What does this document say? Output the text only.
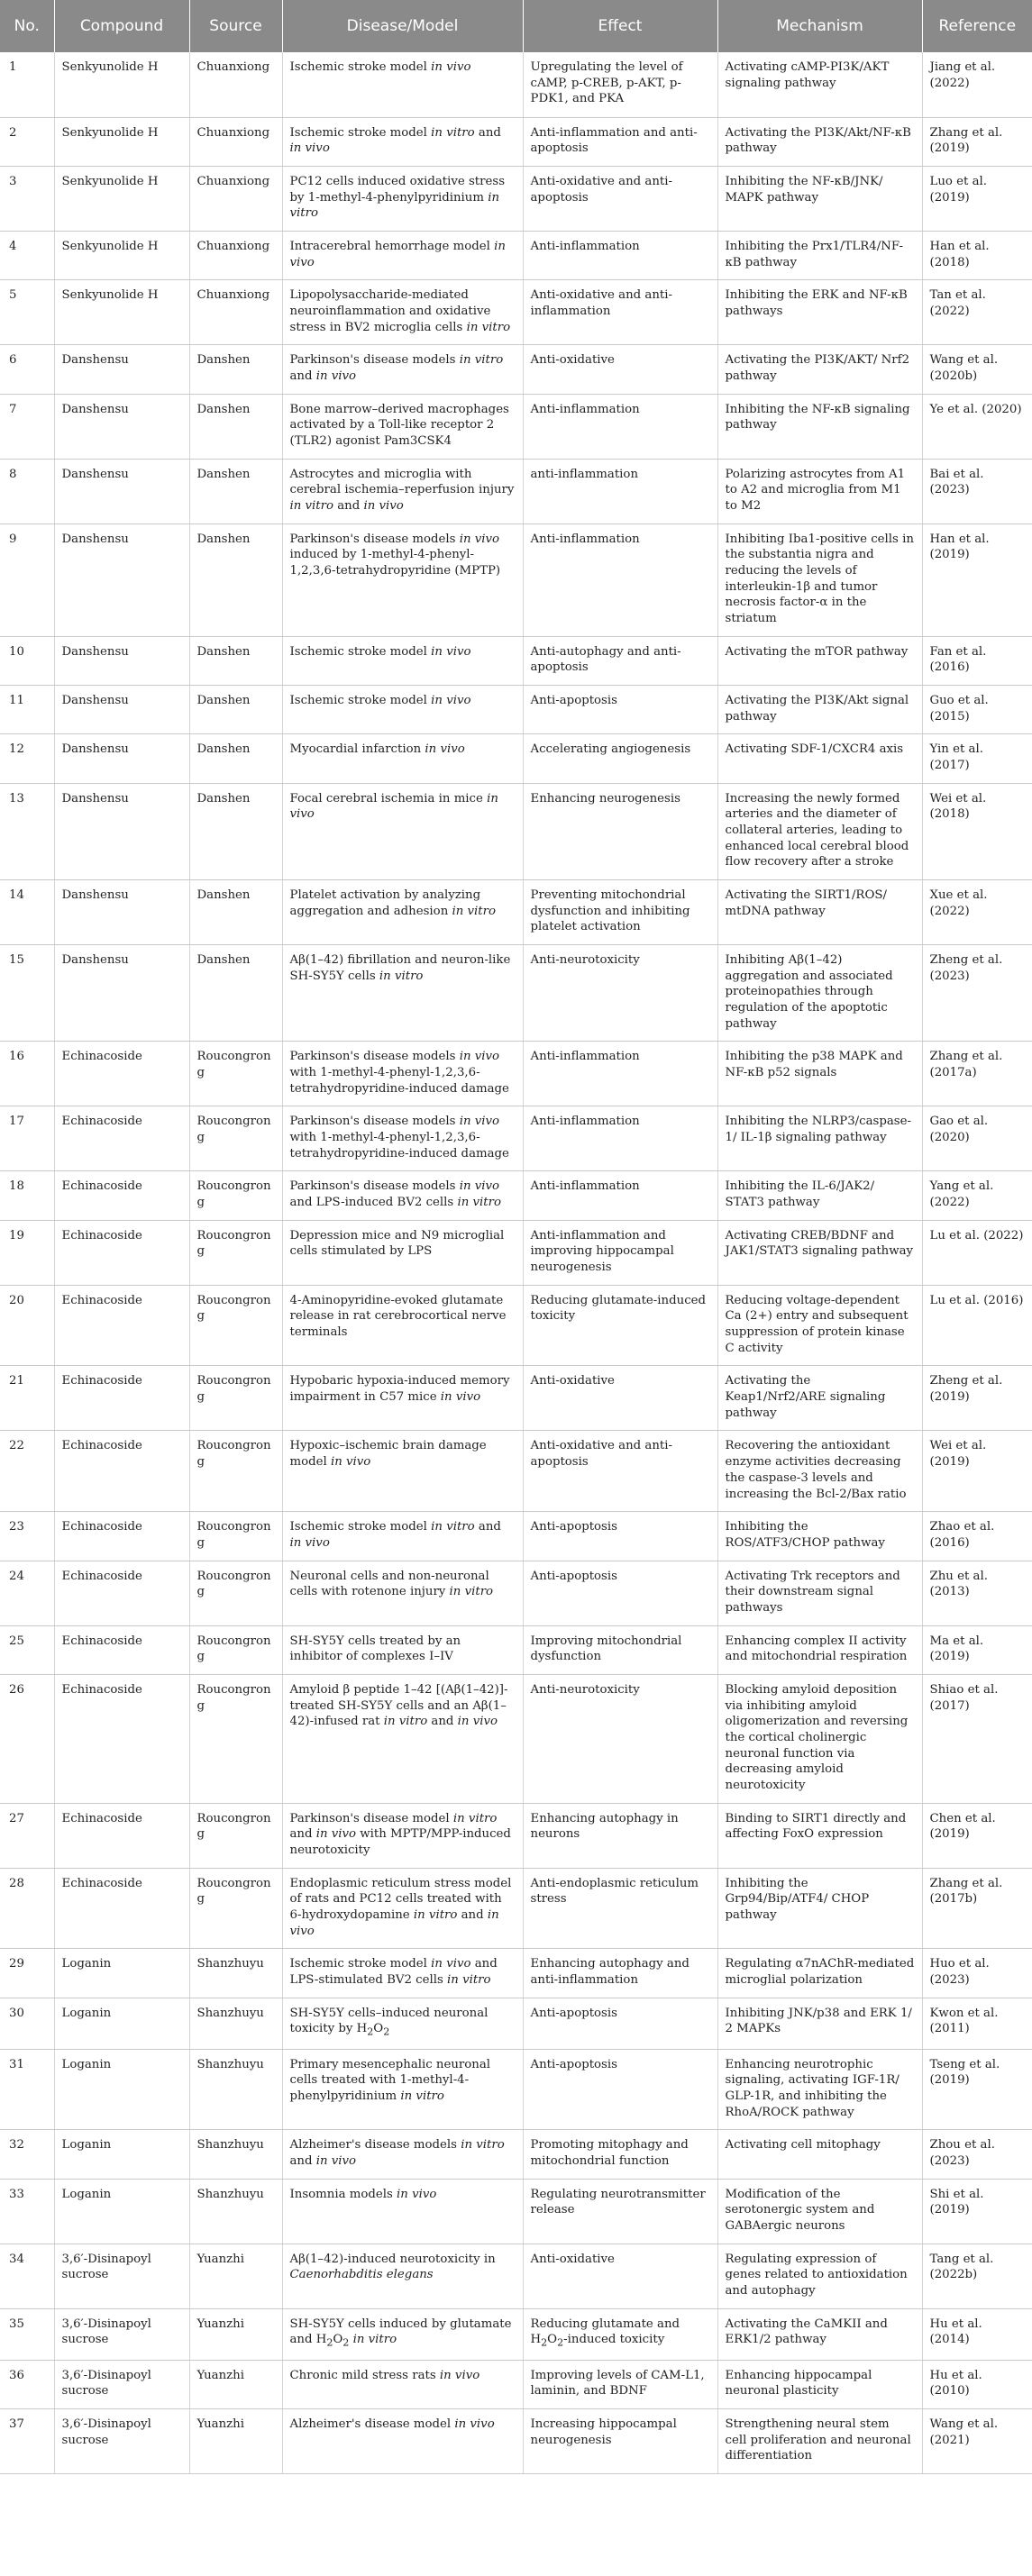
No.	Compound	Source	Disease/Model	Effect	Mechanism	Reference
1	Senkyunolide H	Chuanxiong	Ischemic stroke model in vivo	Upregulating the level of cAMP, p-CREB, p-AKT, p-PDK1, and PKA	Activating cAMP-PI3K/AKT signaling pathway	Jiang et al. (2022)
2	Senkyunolide H	Chuanxiong	Ischemic stroke model in vitro and in vivo	Anti-inflammation and anti-apoptosis	Activating the PI3K/Akt/NF-κB pathway	Zhang et al. (2019)
3	Senkyunolide H	Chuanxiong	PC12 cells induced oxidative stress by 1-methyl-4-phenylpyridinium in vitro	Anti-oxidative and anti-apoptosis	Inhibiting the NF-κB/JNK/ MAPK pathway	Luo et al. (2019)
4	Senkyunolide H	Chuanxiong	Intracerebral hemorrhage model in vivo	Anti-inflammation	Inhibiting the Prx1/TLR4/NF-κB pathway	Han et al. (2018)
5	Senkyunolide H	Chuanxiong	Lipopolysaccharide-mediated neuroinflammation and oxidative stress in BV2 microglia cells in vitro	Anti-oxidative and anti-inflammation	Inhibiting the ERK and NF-κB pathways	Tan et al. (2022)
6	Danshensu	Danshen	Parkinson's disease models in vitro and in vivo	Anti-oxidative	Activating the PI3K/AKT/ Nrf2 pathway	Wang et al. (2020b)
7	Danshensu	Danshen	Bone marrow–derived macrophages activated by a Toll-like receptor 2 (TLR2) agonist Pam3CSK4	Anti-inflammation	Inhibiting the NF-κB signaling pathway	Ye et al. (2020)
8	Danshensu	Danshen	Astrocytes and microglia with cerebral ischemia–reperfusion injury in vitro and in vivo	anti-inflammation	Polarizing astrocytes from A1 to A2 and microglia from M1 to M2	Bai et al. (2023)
9	Danshensu	Danshen	Parkinson's disease models in vivo induced by 1-methyl-4-phenyl-1,2,3,6-tetrahydropyridine (MPTP)	Anti-inflammation	Inhibiting Iba1-positive cells in the substantia nigra and reducing the levels of interleukin-1β and tumor necrosis factor-α in the striatum	Han et al. (2019)
10	Danshensu	Danshen	Ischemic stroke model in vivo	Anti-autophagy and anti-apoptosis	Activating the mTOR pathway	Fan et al. (2016)
11	Danshensu	Danshen	Ischemic stroke model in vivo	Anti-apoptosis	Activating the PI3K/Akt signal pathway	Guo et al. (2015)
12	Danshensu	Danshen	Myocardial infarction in vivo	Accelerating angiogenesis	Activating SDF-1/CXCR4 axis	Yin et al. (2017)
13	Danshensu	Danshen	Focal cerebral ischemia in mice in vivo	Enhancing neurogenesis	Increasing the newly formed arteries and the diameter of collateral arteries, leading to enhanced local cerebral blood flow recovery after a stroke	Wei et al. (2018)
14	Danshensu	Danshen	Platelet activation by analyzing aggregation and adhesion in vitro	Preventing mitochondrial dysfunction and inhibiting platelet activation	Activating the SIRT1/ROS/ mtDNA pathway	Xue et al. (2022)
15	Danshensu	Danshen	Aβ(1–42) fibrillation and neuron-like SH-SY5Y cells in vitro	Anti-neurotoxicity	Inhibiting Aβ(1–42) aggregation and associated proteinopathies through regulation of the apoptotic pathway	Zheng et al. (2023)
16	Echinacoside	Roucongrong	Parkinson's disease models in vivo with 1-methyl-4-phenyl-1,2,3,6-tetrahydropyridine-induced damage	Anti-inflammation	Inhibiting the p38 MAPK and NF-κB p52 signals	Zhang et al. (2017a)
17	Echinacoside	Roucongrong	Parkinson's disease models in vivo with 1-methyl-4-phenyl-1,2,3,6-tetrahydropyridine-induced damage	Anti-inflammation	Inhibiting the NLRP3/caspase-1/ IL-1β signaling pathway	Gao et al. (2020)
18	Echinacoside	Roucongrong	Parkinson's disease models in vivo and LPS-induced BV2 cells in vitro	Anti-inflammation	Inhibiting the IL-6/JAK2/ STAT3 pathway	Yang et al. (2022)
19	Echinacoside	Roucongrong	Depression mice and N9 microglial cells stimulated by LPS	Anti-inflammation and improving hippocampal neurogenesis	Activating CREB/BDNF and JAK1/STAT3 signaling pathway	Lu et al. (2022)
20	Echinacoside	Roucongrong	4-Aminopyridine-evoked glutamate release in rat cerebrocortical nerve terminals	Reducing glutamate-induced toxicity	Reducing voltage-dependent Ca (2+) entry and subsequent suppression of protein kinase C activity	Lu et al. (2016)
21	Echinacoside	Roucongrong	Hypobaric hypoxia-induced memory impairment in C57 mice in vivo	Anti-oxidative	Activating the Keap1/Nrf2/ARE signaling pathway	Zheng et al. (2019)
22	Echinacoside	Roucongrong	Hypoxic–ischemic brain damage model in vivo	Anti-oxidative and anti-apoptosis	Recovering the antioxidant enzyme activities decreasing the caspase-3 levels and increasing the Bcl-2/Bax ratio	Wei et al. (2019)
23	Echinacoside	Roucongrong	Ischemic stroke model in vitro and in vivo	Anti-apoptosis	Inhibiting the ROS/ATF3/CHOP pathway	Zhao et al. (2016)
24	Echinacoside	Roucongrong	Neuronal cells and non-neuronal cells with rotenone injury in vitro	Anti-apoptosis	Activating Trk receptors and their downstream signal pathways	Zhu et al. (2013)
25	Echinacoside	Roucongrong	SH-SY5Y cells treated by an inhibitor of complexes I–IV	Improving mitochondrial dysfunction	Enhancing complex II activity and mitochondrial respiration	Ma et al. (2019)
26	Echinacoside	Roucongrong	Amyloid β peptide 1–42 [(Aβ(1–42)]-treated SH-SY5Y cells and an Aβ(1–42)-infused rat in vitro and in vivo	Anti-neurotoxicity	Blocking amyloid deposition via inhibiting amyloid oligomerization and reversing the cortical cholinergic neuronal function via decreasing amyloid neurotoxicity	Shiao et al. (2017)
27	Echinacoside	Roucongrong	Parkinson's disease model in vitro and in vivo with MPTP/MPP-induced neurotoxicity	Enhancing autophagy in neurons	Binding to SIRT1 directly and affecting FoxO expression	Chen et al. (2019)
28	Echinacoside	Roucongrong	Endoplasmic reticulum stress model of rats and PC12 cells treated with 6-hydroxydopamine in vitro and in vivo	Anti-endoplasmic reticulum stress	Inhibiting the Grp94/Bip/ATF4/ CHOP pathway	Zhang et al. (2017b)
29	Loganin	Shanzhuyu	Ischemic stroke model in vivo and LPS-stimulated BV2 cells in vitro	Enhancing autophagy and anti-inflammation	Regulating α7nAChR-mediated microglial polarization	Huo et al. (2023)
30	Loganin	Shanzhuyu	SH-SY5Y cells–induced neuronal toxicity by $H_2O_2$	Anti-apoptosis	Inhibiting JNK/p38 and ERK 1/ 2 MAPKs	Kwon et al. (2011)
31	Loganin	Shanzhuyu	Primary mesencephalic neuronal cells treated with 1-methyl-4-phenylpyridinium in vitro	Anti-apoptosis	Enhancing neurotrophic signaling, activating IGF-1R/ GLP-1R, and inhibiting the RhoA/ROCK pathway	Tseng et al. (2019)
32	Loganin	Shanzhuyu	Alzheimer's disease models in vitro and in vivo	Promoting mitophagy and mitochondrial function	Activating cell mitophagy	Zhou et al. (2023)
33	Loganin	Shanzhuyu	Insomnia models in vivo	Regulating neurotransmitter release	Modification of the serotonergic system and GABAergic neurons	Shi et al. (2019)
34	3,6′-Disinapoyl sucrose	Yuanzhi	Aβ(1–42)-induced neurotoxicity in Caenorhabditis elegans	Anti-oxidative	Regulating expression of genes related to antioxidation and autophagy	Tang et al. (2022b)
35	3,6′-Disinapoyl sucrose	Yuanzhi	SH-SY5Y cells induced by glutamate and $H_2O_2$ in vitro	Reducing glutamate and $H_2O_2$-induced toxicity	Activating the CaMKII and ERK1/2 pathway	Hu et al. (2014)
36	3,6′-Disinapoyl sucrose	Yuanzhi	Chronic mild stress rats in vivo	Improving levels of CAM-L1, laminin, and BDNF	Enhancing hippocampal neuronal plasticity	Hu et al. (2010)
37	3,6′-Disinapoyl sucrose	Yuanzhi	Alzheimer's disease model in vivo	Increasing hippocampal neurogenesis	Strengthening neural stem cell proliferation and neuronal differentiation	Wang et al. (2021)
